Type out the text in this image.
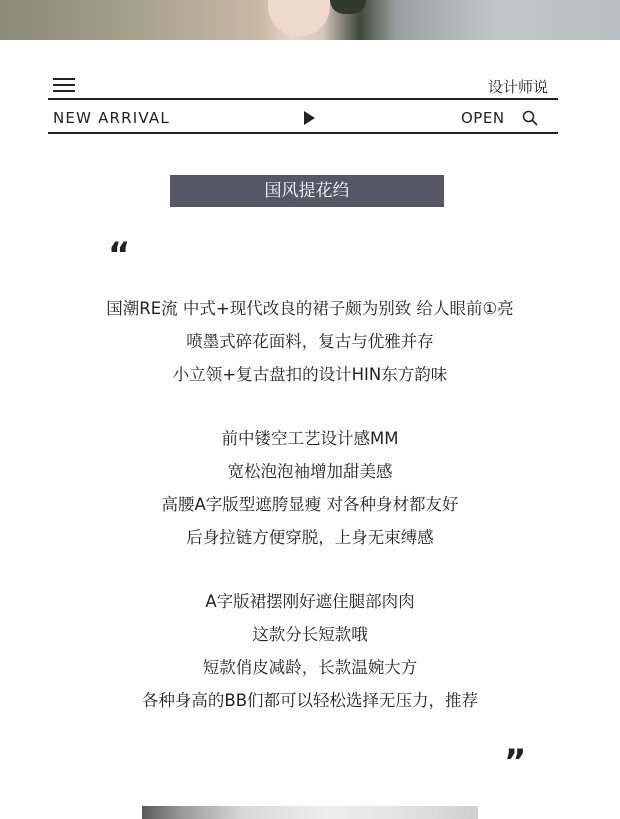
设计师说
NEW ARRIVAL	OPEN
国风提花绉
“

国潮RE流 中式+现代改良的裙子颇为别致 给人眼前①亮

喷墨式碎花面料，复古与优雅并存

小立领+复古盘扣的设计HIN东方韵味

前中镂空工艺设计感MM

宽松泡泡袖增加甜美感

高腰A字版型遮胯显瘦 对各种身材都友好

后身拉链方便穿脱，上身无束缚感

A字版裙摆刚好遮住腿部肉肉

这款分长短款哦

短款俏皮减龄，长款温婉大方

各种身高的BB们都可以轻松选择无压力，推荐

”
